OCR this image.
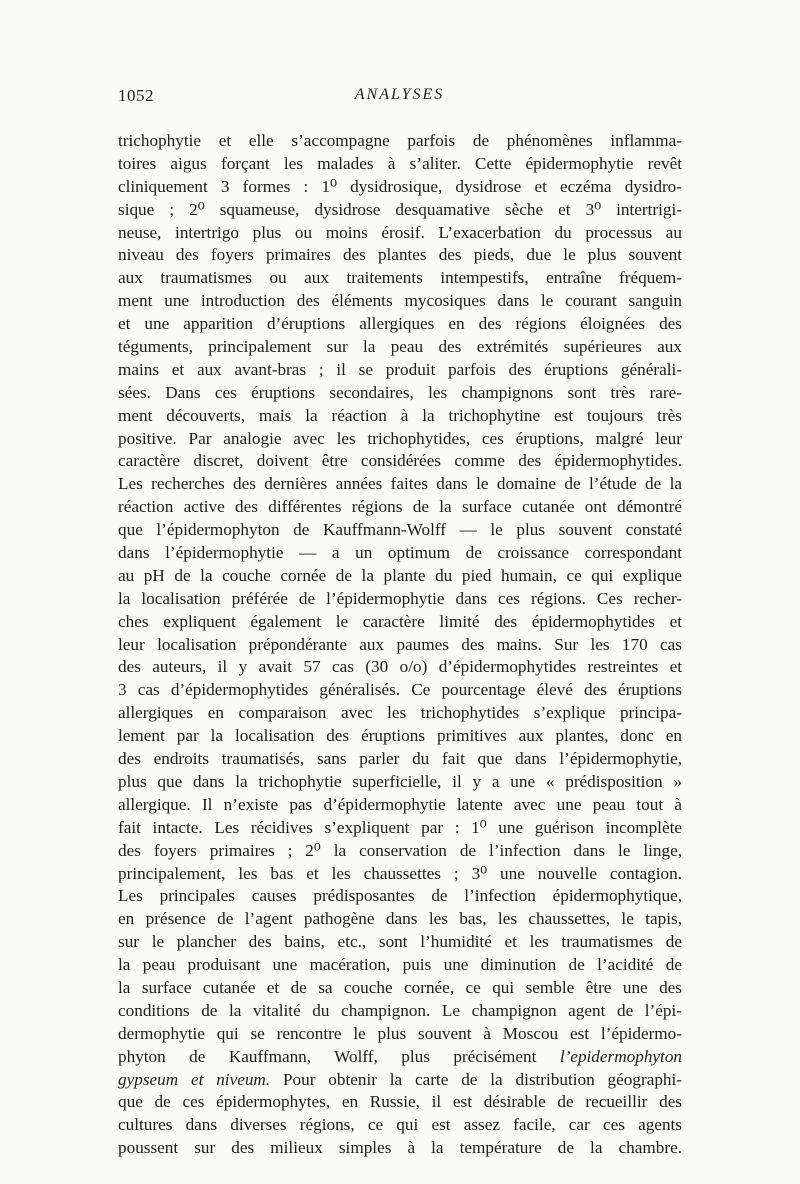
1052	ANALYSES
trichophytie et elle s’accompagne parfois de phénomènes inflamma-
toires aigus forçant les malades à s’aliter. Cette épidermophytie revêt
cliniquement 3 formes : 1⁰ dysidrosique, dysidrose et eczéma dysidro-
sique ; 2⁰ squameuse, dysidrose desquamative sèche et 3⁰ intertrigi-
neuse, intertrigo plus ou moins érosif. L’exacerbation du processus au
niveau des foyers primaires des plantes des pieds, due le plus souvent
aux traumatismes ou aux traitements intempestifs, entraîne fréquem-
ment une introduction des éléments mycosiques dans le courant sanguin
et une apparition d’éruptions allergiques en des régions éloignées des
téguments, principalement sur la peau des extrémités supérieures aux
mains et aux avant-bras ; il se produit parfois des éruptions générali-
sées. Dans ces éruptions secondaires, les champignons sont très rare-
ment découverts, mais la réaction à la trichophytine est toujours très
positive. Par analogie avec les trichophytides, ces éruptions, malgré leur
caractère discret, doivent être considérées comme des épidermophytides.
Les recherches des dernières années faites dans le domaine de l’étude de la
réaction active des différentes régions de la surface cutanée ont démontré
que l’épidermophyton de Kauffmann-Wolff — le plus souvent constaté
dans l’épidermophytie — a un optimum de croissance correspondant
au pH de la couche cornée de la plante du pied humain, ce qui explique
la localisation préférée de l’épidermophytie dans ces régions. Ces recher-
ches expliquent également le caractère limité des épidermophytides et
leur localisation prépondérante aux paumes des mains. Sur les 170 cas
des auteurs, il y avait 57 cas (30 o/o) d’épidermophytides restreintes et
3 cas d’épidermophytides généralisés. Ce pourcentage élevé des éruptions
allergiques en comparaison avec les trichophytides s’explique principa-
lement par la localisation des éruptions primitives aux plantes, donc en
des endroits traumatisés, sans parler du fait que dans l’épidermophytie,
plus que dans la trichophytie superficielle, il y a une « prédisposition »
allergique. Il n’existe pas d’épidermophytie latente avec une peau tout à
fait intacte. Les récidives s’expliquent par : 1⁰ une guérison incomplète
des foyers primaires ; 2⁰ la conservation de l’infection dans le linge,
principalement, les bas et les chaussettes ; 3⁰ une nouvelle contagion.
Les principales causes prédisposantes de l’infection épidermophytique,
en présence de l’agent pathogène dans les bas, les chaussettes, le tapis,
sur le plancher des bains, etc., sont l’humidité et les traumatismes de
la peau produisant une macération, puis une diminution de l’acidité de
la surface cutanée et de sa couche cornée, ce qui semble être une des
conditions de la vitalité du champignon. Le champignon agent de l’épi-
dermophytie qui se rencontre le plus souvent à Moscou est l’épidermo-
phyton de Kauffmann, Wolff, plus précisément l’epidermophyton
gypseum et niveum. Pour obtenir la carte de la distribution géographi-
que de ces épidermophytes, en Russie, il est désirable de recueillir des
cultures dans diverses régions, ce qui est assez facile, car ces agents
poussent sur des milieux simples à la température de la chambre.
